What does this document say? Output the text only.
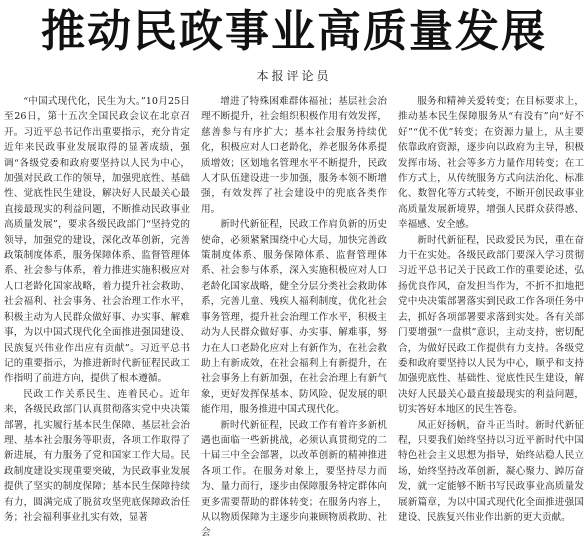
推动民政事业高质量发展
本报评论员

“中国式现代化，民生为大。”10月25日至26日，第十五次全国民政会议在北京召开。习近平总书记作出重要指示，充分肯定近年来民政事业发展取得的显著成绩，强调“各级党委和政府要坚持以人民为中心，加强对民政工作的领导，加强兜底性、基础性、觉底性民生建设，解决好人民最关心最直接最现实的利益问题，不断推动民政事业高质量发展”，要求各级民政部门“坚持党的领导，加强党的建设，深化改革创新，完善政策制度体系，服务保障体系、监督管理体系、社会参与体系，着力推进实施积极应对人口老龄化国家战略，着力提升社会救助、社会福利、社会事务、社会治理工作水平，积极主动为人民群众做好事、办实事、解难事，为以中国式现代化全面推进强国建设、民族复兴伟业作出应有贡献”。习近平总书记的重要指示，为推进新时代新征程民政工作指明了前进方向，提供了根本遵循。

民政工作关系民生、连着民心。近年来，各级民政部门认真贯彻落实党中央决策部署，扎实履行基本民生保障、基层社会治理、基本社会服务等职责，各项工作取得了新进展，有力服务了党和国家工作大局。民政制度建设实现重要突破，为民政事业发展提供了坚实的制度保障；基本民生保障持续有力，圆满完成了脱贫攻坚兜底保障政治任务；社会福利事业扎实有效，显著

增进了特殊困难群体福祉；基层社会治理不断提升，社会组织积极作用有效发挥，慈善参与有序扩大；基本社会服务持续优化，积极应对人口老龄化，养老服务体系提质增效；区划地名管理水平不断提升，民政人才队伍建设进一步加强，服务本领不断增强，有效发挥了社会建设中的兜底各类作用。

新时代新征程，民政工作肩负新的历史使命，必须紧紧围绕中心大局，加快完善政策制度体系、服务保障体系、监督管理体系、社会参与体系，深入实施积极应对人口老龄化国家战略，健全分层分类社会救助体系，完善儿童、残疾人福利制度，优化社会事务管理，提升社会治理工作水平，积极主动为人民群众做好事、办实事、解难事，努力在人口老龄化应对上有新作为，在社会救助上有新成效，在社会福利上有新提升，在社会事务上有新加强，在社会治理上有新气象，更好发挥保基本、防风险、促发展的职能作用，服务推进中国式现代化。

新时代新征程，民政工作有着许多新机遇也面临一些新挑战，必须认真贯彻党的二十届三中全会部署，以改革创新的精神推进各项工作。在服务对象上，要坚持尽力而为、量力而行，逐步由保障服务特定群体向更多需要帮助的群体转变；在服务内容上，从以物质保障为主逐步向兼顾物质救助、社会

服务和精神关爱转变；在目标要求上，推动基本民生保障服务从“有没有”向“好不好”“优不优”转变；在资源力量上，从主要依靠政府资源，逐步向以政府为主导，积极发挥市场、社会等多方力量作用转变；在工作方式上，从传统服务方式向法治化、标准化、数智化等方式转变，不断开创民政事业高质量发展新境界，增强人民群众获得感、幸福感、安全感。

新时代新征程，民政爱民为民，重在奋力干在实处。各级民政部门要深入学习贯彻习近平总书记关于民政工作的重要论述，弘扬优良作风，奋发担当作为，不折不扣地把党中央决策部署落实到民政工作各项任务中去，抓好各项部署要求落到实处。各有关部门要增强“一盘棋”意识，主动支持，密切配合，为做好民政工作提供有力支持。各级党委和政府要坚持以人民为中心，顺乎和支持加强兜底性、基础性、觉底性民生建设，解决好人民最关心最直接最现实的利益问题，切实答好本地区的民生答卷。

凤正好扬帆，奋斗正当时。新时代新征程，只要我们始终坚持以习近平新时代中国特色社会主义思想为指导，始终站稳人民立场，始终坚持改革创新，凝心聚力、踔厉奋发，就一定能够不断书写民政事业高质量发展新篇章，为以中国式现代化全面推进强国建设、民族复兴伟业作出新的更大贡献。
